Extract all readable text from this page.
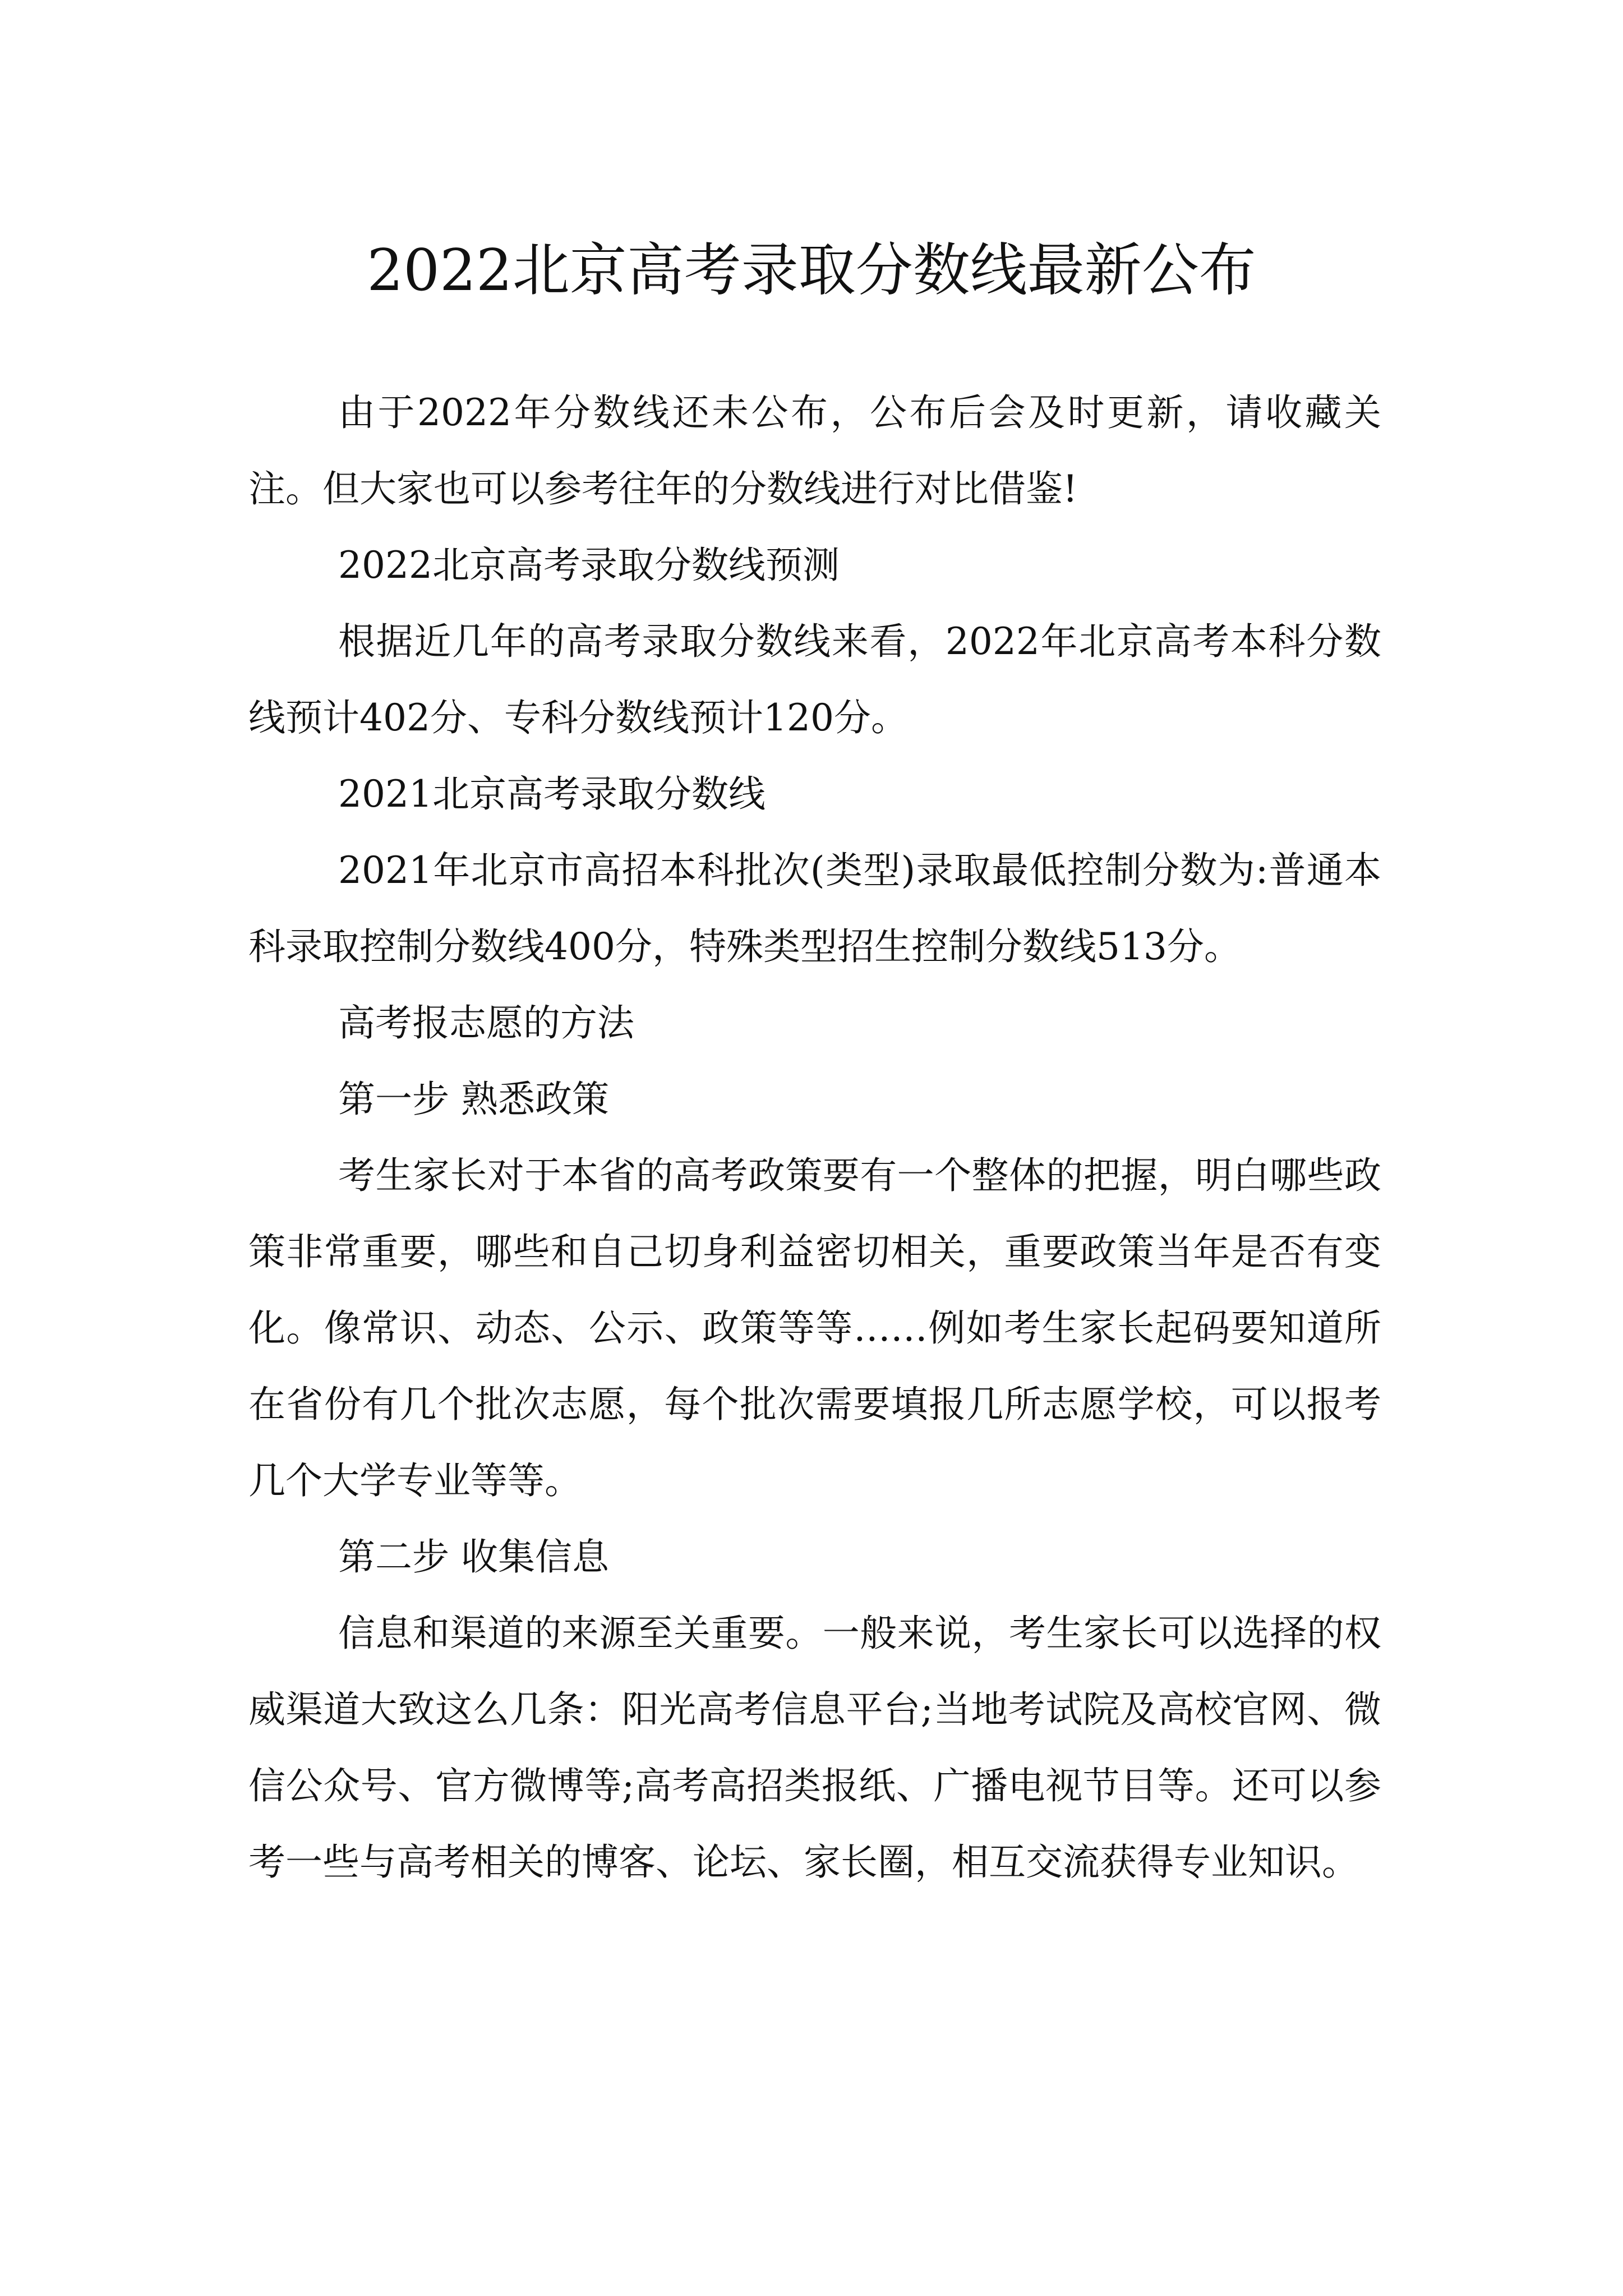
2022北京高考录取分数线最新公布

由于2022年分数线还未公布，公布后会及时更新，请收藏关注。但大家也可以参考往年的分数线进行对比借鉴!

2022北京高考录取分数线预测

根据近几年的高考录取分数线来看，2022年北京高考本科分数线预计402分、专科分数线预计120分。

2021北京高考录取分数线

2021年北京市高招本科批次(类型)录取最低控制分数为:普通本科录取控制分数线400分，特殊类型招生控制分数线513分。

高考报志愿的方法

第一步 熟悉政策

考生家长对于本省的高考政策要有一个整体的把握，明白哪些政策非常重要，哪些和自己切身利益密切相关，重要政策当年是否有变化。像常识、动态、公示、政策等等……例如考生家长起码要知道所在省份有几个批次志愿，每个批次需要填报几所志愿学校，可以报考几个大学专业等等。

第二步 收集信息

信息和渠道的来源至关重要。一般来说，考生家长可以选择的权威渠道大致这么几条：阳光高考信息平台;当地考试院及高校官网、微信公众号、官方微博等;高考高招类报纸、广播电视节目等。还可以参考一些与高考相关的博客、论坛、家长圈，相互交流获得专业知识。
